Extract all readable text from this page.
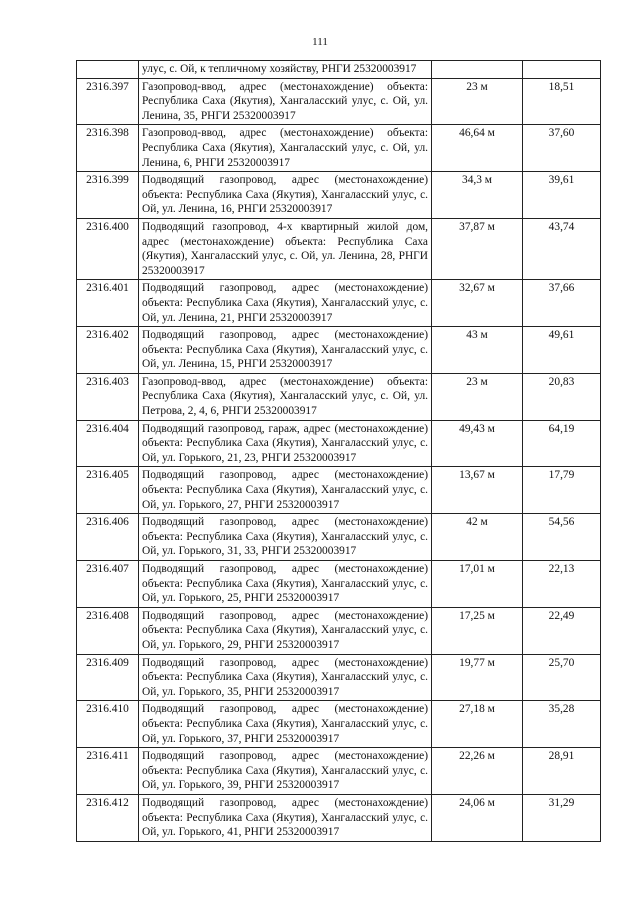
111
	улус, с. Ой, к тепличному хозяйству, РНГИ 25320003917		
2316.397	Газопровод-ввод, адрес (местонахождение) объекта: Республика Саха (Якутия), Хангаласский улус, с. Ой, ул. Ленина, 35, РНГИ 25320003917	23 м	18,51
2316.398	Газопровод-ввод, адрес (местонахождение) объекта: Республика Саха (Якутия), Хангаласский улус, с. Ой, ул. Ленина, 6, РНГИ 25320003917	46,64 м	37,60
2316.399	Подводящий газопровод, адрес (местонахождение) объекта: Республика Саха (Якутия), Хангаласский улус, с. Ой, ул. Ленина, 16, РНГИ 25320003917	34,3 м	39,61
2316.400	Подводящий газопровод, 4-х квартирный жилой дом, адрес (местонахождение) объекта: Республика Саха (Якутия), Хангаласский улус, с. Ой, ул. Ленина, 28, РНГИ 25320003917	37,87 м	43,74
2316.401	Подводящий газопровод, адрес (местонахождение) объекта: Республика Саха (Якутия), Хангаласский улус, с. Ой, ул. Ленина, 21, РНГИ 25320003917	32,67 м	37,66
2316.402	Подводящий газопровод, адрес (местонахождение) объекта: Республика Саха (Якутия), Хангаласский улус, с. Ой, ул. Ленина, 15, РНГИ 25320003917	43 м	49,61
2316.403	Газопровод-ввод, адрес (местонахождение) объекта: Республика Саха (Якутия), Хангаласский улус, с. Ой, ул. Петрова, 2, 4, 6, РНГИ 25320003917	23 м	20,83
2316.404	Подводящий газопровод, гараж, адрес (местонахождение) объекта: Республика Саха (Якутия), Хангаласский улус, с. Ой, ул. Горького, 21, 23, РНГИ 25320003917	49,43 м	64,19
2316.405	Подводящий газопровод, адрес (местонахождение) объекта: Республика Саха (Якутия), Хангаласский улус, с. Ой, ул. Горького, 27, РНГИ 25320003917	13,67 м	17,79
2316.406	Подводящий газопровод, адрес (местонахождение) объекта: Республика Саха (Якутия), Хангаласский улус, с. Ой, ул. Горького, 31, 33, РНГИ 25320003917	42 м	54,56
2316.407	Подводящий газопровод, адрес (местонахождение) объекта: Республика Саха (Якутия), Хангаласский улус, с. Ой, ул. Горького, 25, РНГИ 25320003917	17,01 м	22,13
2316.408	Подводящий газопровод, адрес (местонахождение) объекта: Республика Саха (Якутия), Хангаласский улус, с. Ой, ул. Горького, 29, РНГИ 25320003917	17,25 м	22,49
2316.409	Подводящий газопровод, адрес (местонахождение) объекта: Республика Саха (Якутия), Хангаласский улус, с. Ой, ул. Горького, 35, РНГИ 25320003917	19,77 м	25,70
2316.410	Подводящий газопровод, адрес (местонахождение) объекта: Республика Саха (Якутия), Хангаласский улус, с. Ой, ул. Горького, 37, РНГИ 25320003917	27,18 м	35,28
2316.411	Подводящий газопровод, адрес (местонахождение) объекта: Республика Саха (Якутия), Хангаласский улус, с. Ой, ул. Горького, 39, РНГИ 25320003917	22,26 м	28,91
2316.412	Подводящий газопровод, адрес (местонахождение) объекта: Республика Саха (Якутия), Хангаласский улус, с. Ой, ул. Горького, 41, РНГИ 25320003917	24,06 м	31,29
